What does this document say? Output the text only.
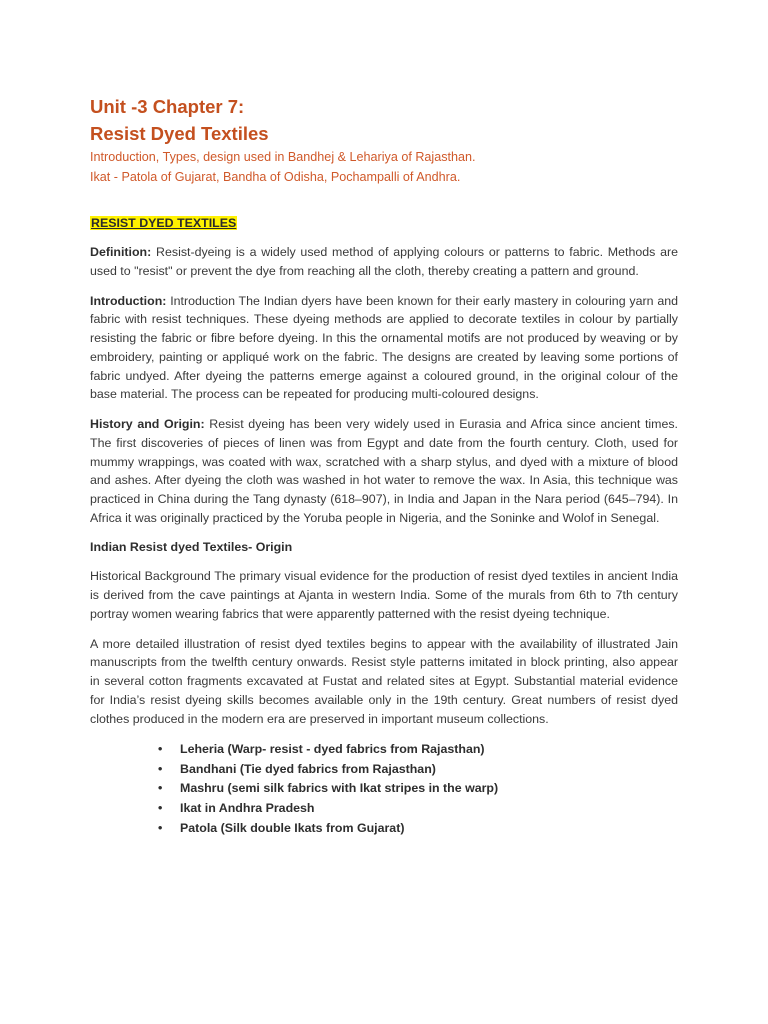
Unit -3 Chapter 7:
Resist Dyed Textiles
Introduction, Types, design used in Bandhej & Lehariya of Rajasthan.
Ikat - Patola of Gujarat, Bandha of Odisha, Pochampalli of Andhra.
RESIST DYED TEXTILES

Definition: Resist-dyeing is a widely used method of applying colours or patterns to fabric. Methods are used to "resist" or prevent the dye from reaching all the cloth, thereby creating a pattern and ground.

Introduction: Introduction The Indian dyers have been known for their early mastery in colouring yarn and fabric with resist techniques. These dyeing methods are applied to decorate textiles in colour by partially resisting the fabric or fibre before dyeing. In this the ornamental motifs are not produced by weaving or by embroidery, painting or appliqué work on the fabric. The designs are created by leaving some portions of fabric undyed. After dyeing the patterns emerge against a coloured ground, in the original colour of the base material. The process can be repeated for producing multi-coloured designs.

History and Origin: Resist dyeing has been very widely used in Eurasia and Africa since ancient times. The first discoveries of pieces of linen was from Egypt and date from the fourth century. Cloth, used for mummy wrappings, was coated with wax, scratched with a sharp stylus, and dyed with a mixture of blood and ashes. After dyeing the cloth was washed in hot water to remove the wax. In Asia, this technique was practiced in China during the Tang dynasty (618–907), in India and Japan in the Nara period (645–794). In Africa it was originally practiced by the Yoruba people in Nigeria, and the Soninke and Wolof in Senegal.

Indian Resist dyed Textiles- Origin

Historical Background The primary visual evidence for the production of resist dyed textiles in ancient India is derived from the cave paintings at Ajanta in western India. Some of the murals from 6th to 7th century portray women wearing fabrics that were apparently patterned with the resist dyeing technique.

A more detailed illustration of resist dyed textiles begins to appear with the availability of illustrated Jain manuscripts from the twelfth century onwards. Resist style patterns imitated in block printing, also appear in several cotton fragments excavated at Fustat and related sites at Egypt. Substantial material evidence for India’s resist dyeing skills becomes available only in the 19th century. Great numbers of resist dyed clothes produced in the modern era are preserved in important museum collections.

• Leheria (Warp- resist - dyed fabrics from Rajasthan)
• Bandhani (Tie dyed fabrics from Rajasthan)
• Mashru (semi silk fabrics with Ikat stripes in the warp)
• Ikat in Andhra Pradesh
• Patola (Silk double Ikats from Gujarat)
